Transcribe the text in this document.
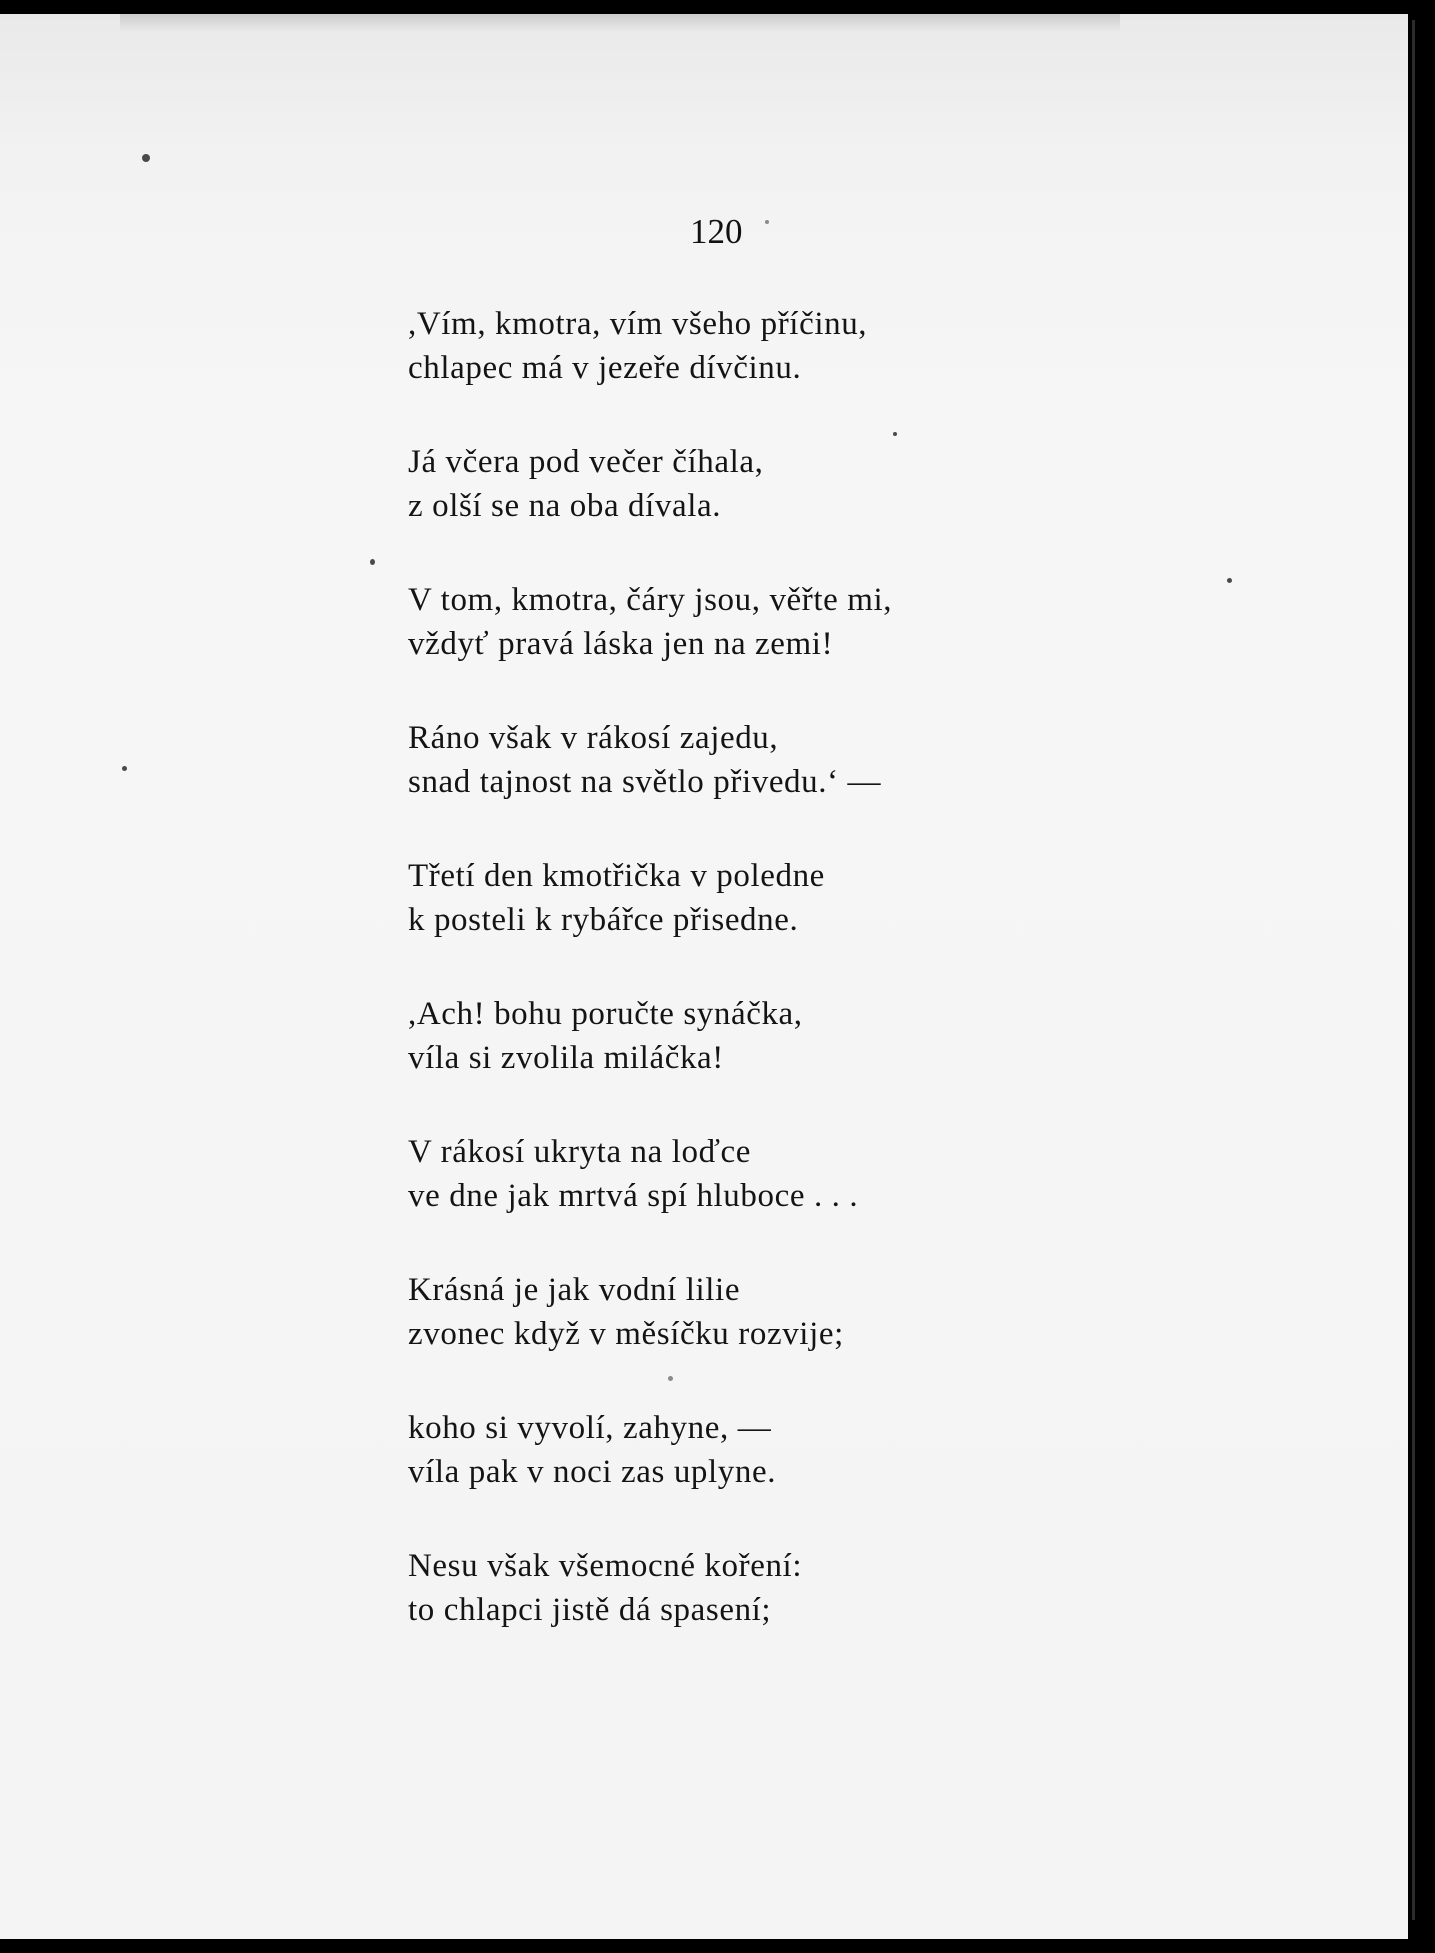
120
,Vím, kmotra, vím všeho příčinu,
chlapec má v jezeře dívčinu.
Já včera pod večer číhala,
z olší se na oba dívala.
V tom, kmotra, čáry jsou, věřte mi,
vždyť pravá láska jen na zemi!
Ráno však v rákosí zajedu,
snad tajnost na světlo přivedu.‘ —
Třetí den kmotřička v poledne
k posteli k rybářce přisedne.
,Ach! bohu poručte synáčka,
víla si zvolila miláčka!
V rákosí ukryta na loďce
ve dne jak mrtvá spí hluboce . . .
Krásná je jak vodní lilie
zvonec když v měsíčku rozvije;
koho si vyvolí, zahyne, —
víla pak v noci zas uplyne.
Nesu však všemocné koření:
to chlapci jistě dá spasení;
